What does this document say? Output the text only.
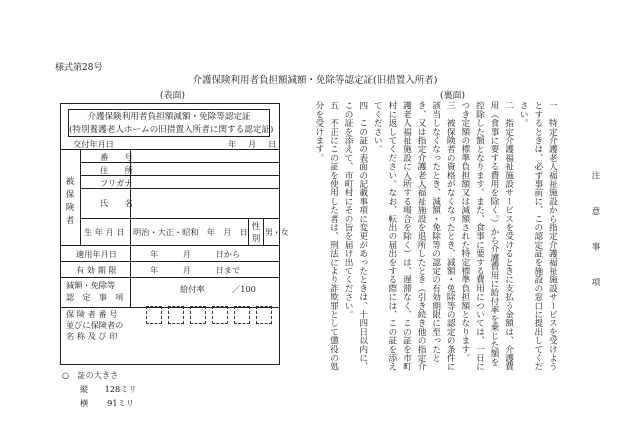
様式第28号
介護保険利用者負担額減額・免除等認定証(旧措置入所者)
(表面)	(裏面)
介護保険利用者負担額減額・免除等認定証
(特別養護老人ホームの旧措置入所者に関する認定証)
交付年月日	年 月 日
被
保
険
者
番　　号
住　　所
フリガナ
氏　　名
生 年 月 日 明治・大正・昭和　年　月　日
性
別
男・女
適用年月日	年　　　月　　　日から
有 効 期 限	年　　　月　　　日まで
減額・免除等
認　定　事　項
給付率	／100
保 険 者 番 号
並びに保険者の
名 称 及 び 印
○　証の大きさ
縦　　128ミリ
横　　 91ミリ
注　意　事　項
一　特定介護老人福祉施設から指定介護福祉施設サービスを受けようとするときは、必ず事前に、この認定証を施設の窓口に提出してください。
二　指定介護福祉施設サービスを受けるときに支払う金額は、介護費用（食事に要する費用を除く。）から介護費用に給付率を乗じた額を控除した額となります。また、食事に要する費用については、一日につき定額の標準負担額又は減額された特定標準負担額となります。
三　被保険者の資格がなくなったとき、減額・免除等の認定の条件に該当しなくなったとき、減額・免除等の認定の有効期限に至ったとき、又は指定介護老人福祉施設を退所したとき（引き続き他の指定介護老人福祉施設に入所する場合を除く）は、遅滞なく、この証を市町村に返してください。なお、転出の届出をする際には、この証を添えてください。
四　この証の表面の記載事項に変更があったときは、十四日以内に、この証を添えて、市町村にその旨を届け出てください。
五　不正にこの証を使用した者は、刑法により詐欺罪として懲役の処分を受けます。
